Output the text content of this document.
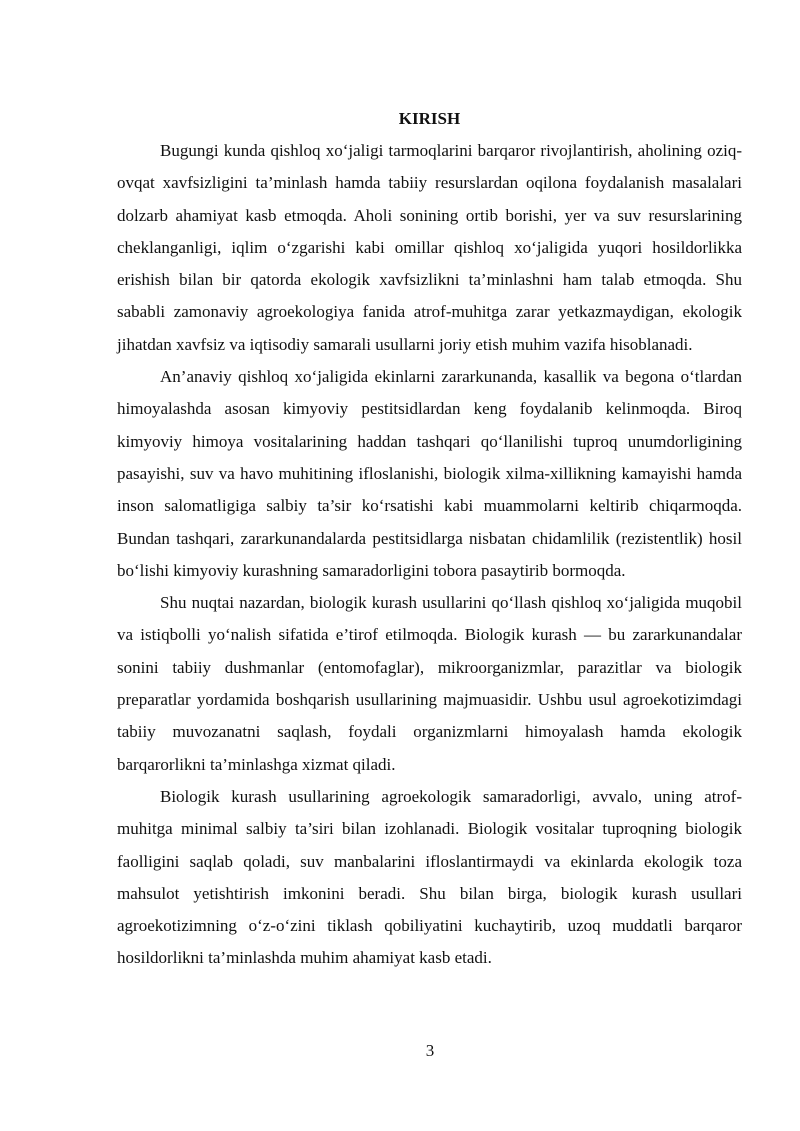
KIRISH

Bugungi kunda qishloq xo‘jaligi tarmoqlarini barqaror rivojlantirish, aholining oziq-ovqat xavfsizligini ta’minlash hamda tabiiy resurslardan oqilona foydalanish masalalari dolzarb ahamiyat kasb etmoqda. Aholi sonining ortib borishi, yer va suv resurslarining cheklanganligi, iqlim o‘zgarishi kabi omillar qishloq xo‘jaligida yuqori hosildorlikka erishish bilan bir qatorda ekologik xavfsizlikni ta’minlashni ham talab etmoqda. Shu sababli zamonaviy agroekologiya fanida atrof-muhitga zarar yetkazmaydigan, ekologik jihatdan xavfsiz va iqtisodiy samarali usullarni joriy etish muhim vazifa hisoblanadi.

An’anaviy qishloq xo‘jaligida ekinlarni zararkunanda, kasallik va begona o‘tlardan himoyalashda asosan kimyoviy pestitsidlardan keng foydalanib kelinmoqda. Biroq kimyoviy himoya vositalarining haddan tashqari qo‘llanilishi tuproq unumdorligining pasayishi, suv va havo muhitining ifloslanishi, biologik xilma-xillikning kamayishi hamda inson salomatligiga salbiy ta’sir ko‘rsatishi kabi muammolarni keltirib chiqarmoqda. Bundan tashqari, zararkunandalarda pestitsidlarga nisbatan chidamlilik (rezistentlik) hosil bo‘lishi kimyoviy kurashning samaradorligini tobora pasaytirib bormoqda.

Shu nuqtai nazardan, biologik kurash usullarini qo‘llash qishloq xo‘jaligida muqobil va istiqbolli yo‘nalish sifatida e’tirof etilmoqda. Biologik kurash — bu zararkunandalar sonini tabiiy dushmanlar (entomofaglar), mikroorganizmlar, parazitlar va biologik preparatlar yordamida boshqarish usullarining majmuasidir. Ushbu usul agroekotizimdagi tabiiy muvozanatni saqlash, foydali organizmlarni himoyalash hamda ekologik barqarorlikni ta’minlashga xizmat qiladi.

Biologik kurash usullarining agroekologik samaradorligi, avvalo, uning atrof-muhitga minimal salbiy ta’siri bilan izohlanadi. Biologik vositalar tuproqning biologik faolligini saqlab qoladi, suv manbalarini ifloslantirmaydi va ekinlarda ekologik toza mahsulot yetishtirish imkonini beradi. Shu bilan birga, biologik kurash usullari agroekotizimning o‘z-o‘zini tiklash qobiliyatini kuchaytirib, uzoq muddatli barqaror hosildorlikni ta’minlashda muhim ahamiyat kasb etadi.

3
